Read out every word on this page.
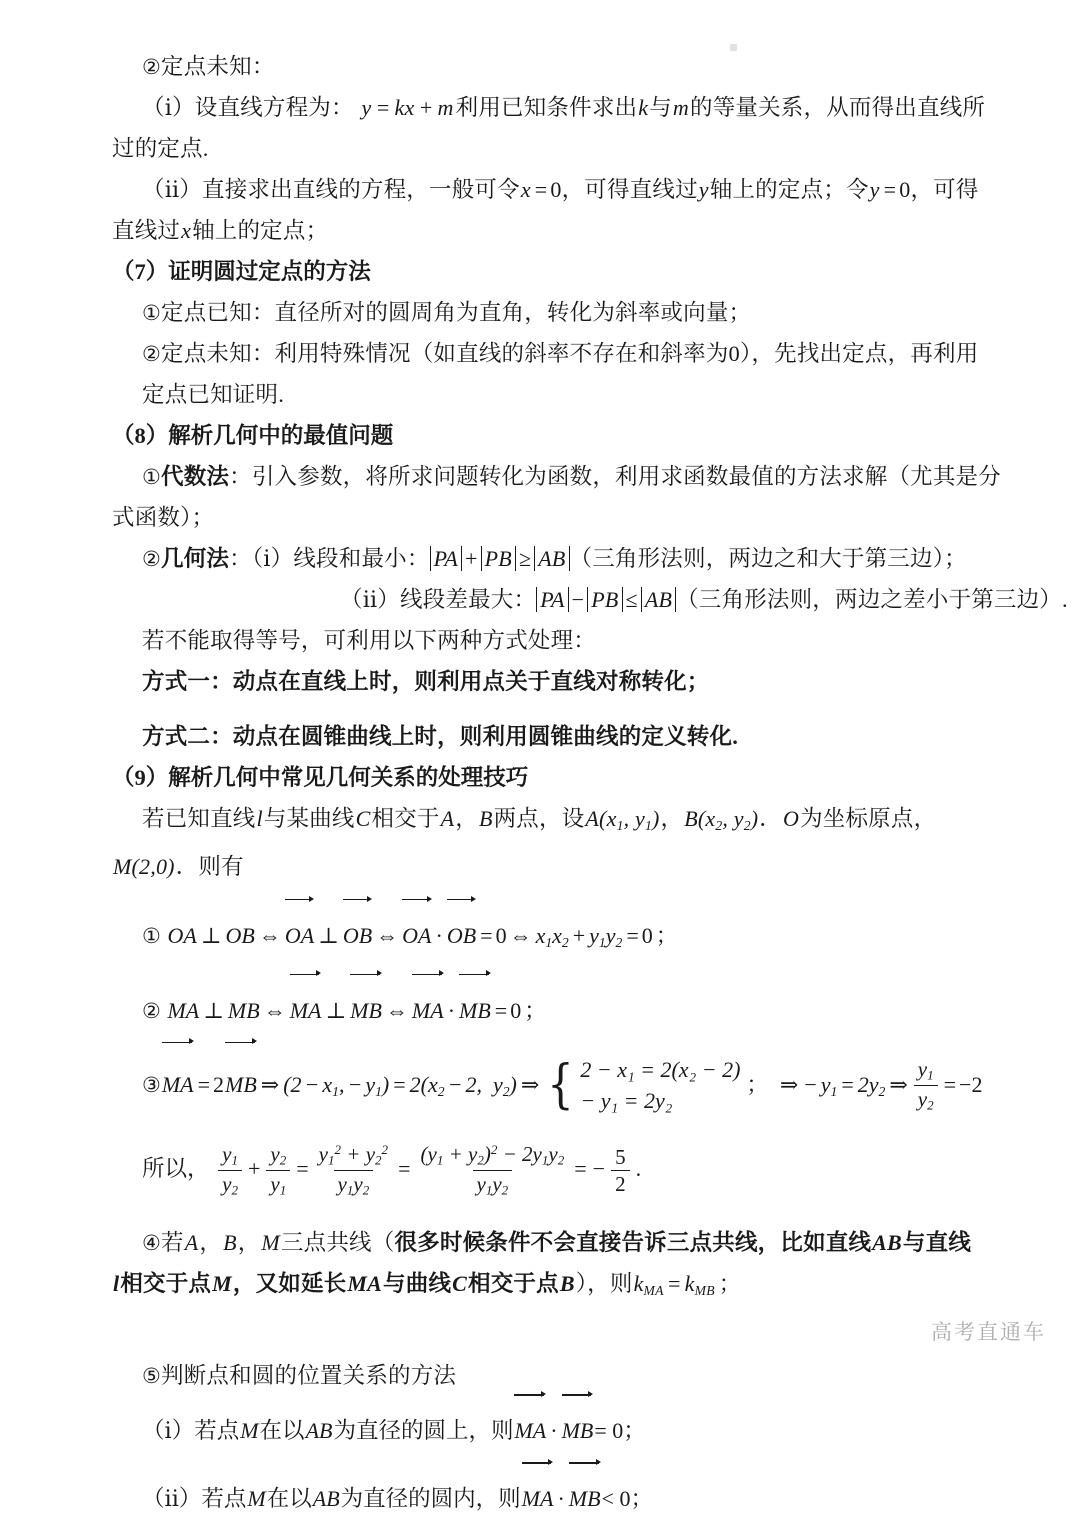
②定点未知：
（ⅰ）设直线方程为： y = kx + m利用已知条件求出k与m的等量关系，从而得出直线所
过的定点.
（ⅱ）直接求出直线的方程，一般可令x = 0，可得直线过y轴上的定点；令y = 0，可得
直线过x轴上的定点；
（7）证明圆过定点的方法
①定点已知：直径所对的圆周角为直角，转化为斜率或向量；
②定点未知：利用特殊情况（如直线的斜率不存在和斜率为0），先找出定点，再利用
定点已知证明.
（8）解析几何中的最值问题
①代数法：引入参数，将所求问题转化为函数，利用求函数最值的方法求解（尤其是分
式函数）；
②几何法：（ⅰ）线段和最小： PA + PB ≥ AB （三角形法则，两边之和大于第三边）；
（ⅱ）线段差最大： PA − PB ≤ AB （三角形法则，两边之差小于第三边）.
若不能取得等号，可利用以下两种方式处理：
方式一：动点在直线上时，则利用点关于直线对称转化；
方式二：动点在圆锥曲线上时，则利用圆锥曲线的定义转化.
（9）解析几何中常见几何关系的处理技巧
若已知直线l与某曲线C相交于A，B两点，设$A(x_1$, $y_1$)，$B(x_2$, $y_2$)．O为坐标原点，
M(2,0)．则有
① OA ⊥ OB ⇔ OA ⊥ OB ⇔ OA · OB = 0 ⇔ $x_1x_2 + y_1y_2 = 0$ ；
② MA ⊥ MB ⇔ MA ⊥ MB ⇔ MA · MB = 0 ；
③MA = 2MB ⇒ ($2 - x_1$, − $y_1) = 2(x_2 - 2$,  $y_2$) ⇒ { 2 − x₁ = 2(x₂ − 2)
− y₁ = 2y₂
； ⇒ − $y_1 = 2y_2$ ⇒ $\frac{y_1}{y_2} = -2$
所以， $\frac{y_1}{y_2} + \frac{y_2}{y_1} = \frac{y_1^2 + y_2^2}{y_1y_2} = \frac{(y_1 + y_2)^2 - 2y_1y_2}{y_1y_2}$ = − $\frac{5}{2}$ .
④若A，B，M三点共线（很多时候条件不会直接告诉三点共线，比如直线AB与直线
l相交于点M，又如延长MA与曲线C相交于点B），则$k_{MA} = k_{MB}$ ；
⑤判断点和圆的位置关系的方法
（ⅰ）若点M在以AB为直径的圆上，则MA · MB= 0；
（ⅱ）若点M在以AB为直径的圆内，则MA · MB< 0；
高考直通车
